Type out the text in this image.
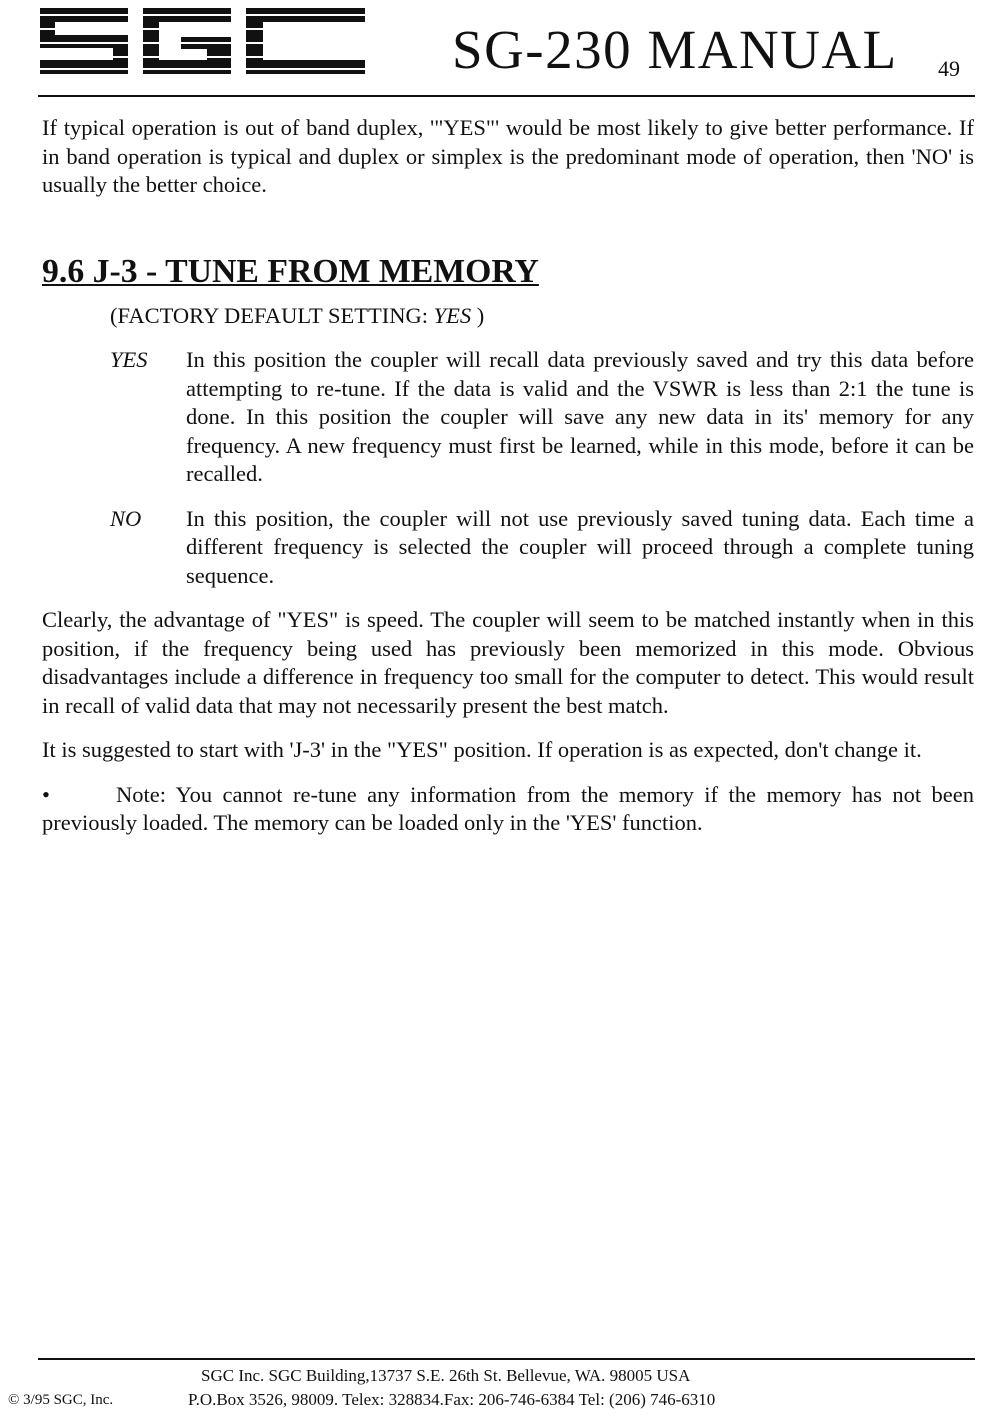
SG-230 MANUAL 49

If typical operation is out of band duplex, '"YES"' would be most likely to give better performance. If in band operation is typical and duplex or simplex is the predominant mode of operation, then 'NO' is usually the better choice.

9.6 J-3 - TUNE FROM MEMORY

(FACTORY DEFAULT SETTING: YES )

YES	In this position the coupler will recall data previously saved and try this data before attempting to re-tune. If the data is valid and the VSWR is less than 2:1 the tune is done. In this position the coupler will save any new data in its' memory for any frequency. A new frequency must first be learned, while in this mode, before it can be recalled.
NO	In this position, the coupler will not use previously saved tuning data. Each time a different frequency is selected the coupler will proceed through a complete tuning sequence.

Clearly, the advantage of "YES" is speed. The coupler will seem to be matched instantly when in this position, if the frequency being used has previously been memorized in this mode. Obvious disadvantages include a difference in frequency too small for the computer to detect. This would result in recall of valid data that may not necessarily present the best match.

It is suggested to start with 'J-3' in the "YES" position. If operation is as expected, don't change it.

•	Note: You cannot re-tune any information from the memory if the memory has not been previously loaded. The memory can be loaded only in the 'YES' function.

SGC Inc. SGC Building,13737 S.E. 26th St. Bellevue, WA. 98005 USA
© 3/95 SGC, Inc.	P.O.Box 3526, 98009. Telex: 328834.Fax: 206-746-6384 Tel: (206) 746-6310
